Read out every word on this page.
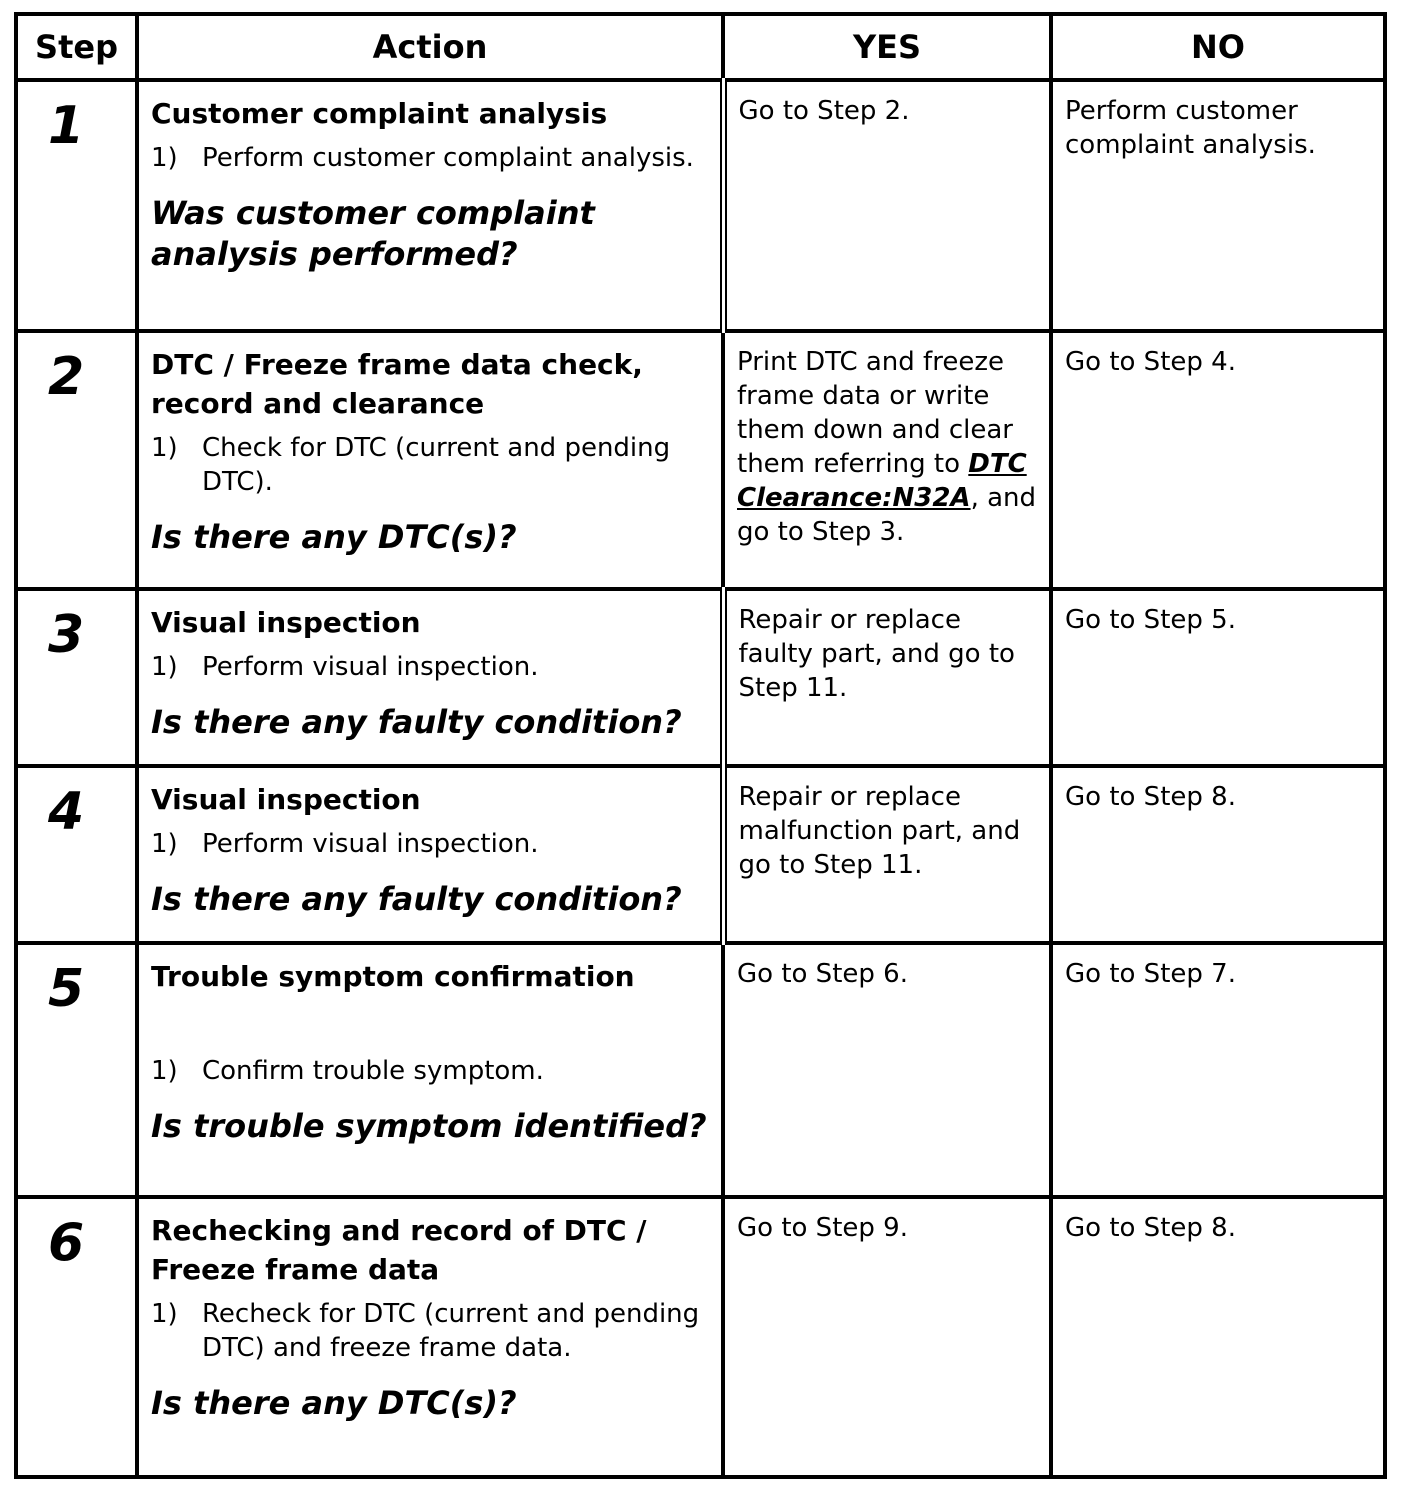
Step	Action	YES	NO
1	Customer complaint analysis
1) Perform customer complaint analysis.
Was customer complaint analysis performed?	Go to Step 2.	Perform customer complaint analysis.
2	DTC / Freeze frame data check, record and clearance
1) Check for DTC (current and pending DTC).
Is there any DTC(s)?	Print DTC and freeze frame data or write them down and clear them referring to DTC Clearance:N32A, and go to Step 3.	Go to Step 4.
3	Visual inspection
1) Perform visual inspection.
Is there any faulty condition?	Repair or replace faulty part, and go to Step 11.	Go to Step 5.
4	Visual inspection
1) Perform visual inspection.
Is there any faulty condition?	Repair or replace malfunction part, and go to Step 11.	Go to Step 8.
5	Trouble symptom confirmation
1) Confirm trouble symptom.
Is trouble symptom identified?	Go to Step 6.	Go to Step 7.
6	Rechecking and record of DTC / Freeze frame data
1) Recheck for DTC (current and pending DTC) and freeze frame data.
Is there any DTC(s)?	Go to Step 9.	Go to Step 8.
